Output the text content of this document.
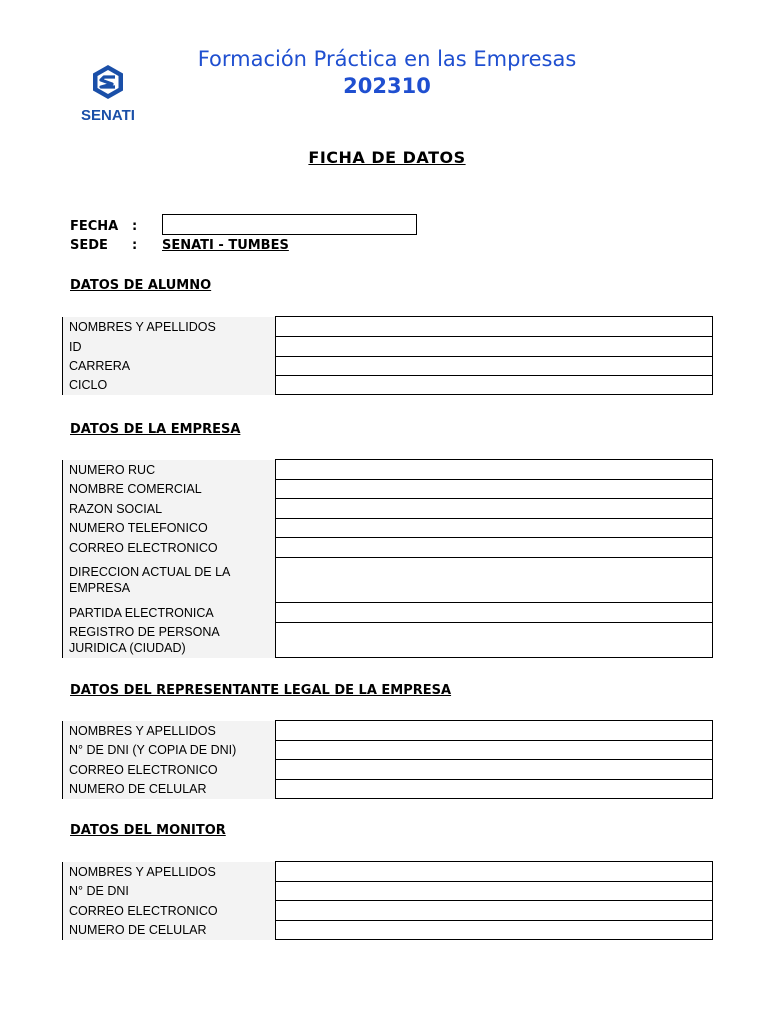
SENATI
Formación Práctica en las Empresas
202310
FICHA DE DATOS
FECHA :
SEDE : SENATI - TUMBES
DATOS DE ALUMNO
NOMBRES Y APELLIDOS	
ID	
CARRERA	
CICLO	
DATOS DE LA EMPRESA
NUMERO RUC	
NOMBRE COMERCIAL	
RAZON SOCIAL	
NUMERO TELEFONICO	
CORREO ELECTRONICO	
DIRECCION ACTUAL DE LA EMPRESA	
PARTIDA ELECTRONICA	
REGISTRO DE PERSONA JURIDICA (CIUDAD)	
DATOS DEL REPRESENTANTE LEGAL DE LA EMPRESA
NOMBRES Y APELLIDOS	
N° DE DNI (Y COPIA DE DNI)	
CORREO ELECTRONICO	
NUMERO DE CELULAR	
DATOS DEL MONITOR
NOMBRES Y APELLIDOS	
N° DE DNI	
CORREO ELECTRONICO	
NUMERO DE CELULAR	
